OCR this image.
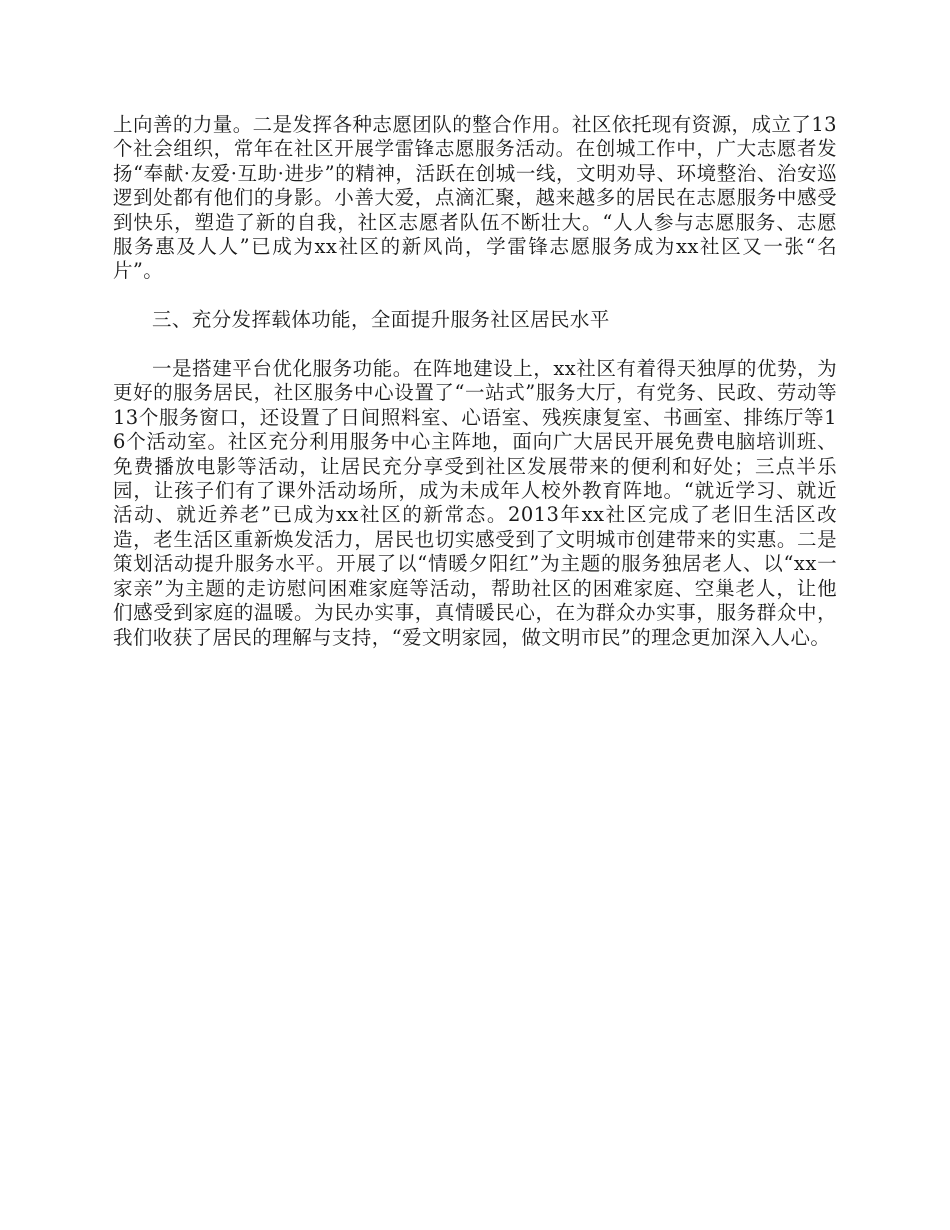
上向善的力量。二是发挥各种志愿团队的整合作用。社区依托现有资源，成立了13个社会组织，常年在社区开展学雷锋志愿服务活动。在创城工作中，广大志愿者发扬“奉献·友爱·互助·进步”的精神，活跃在创城一线，文明劝导、环境整治、治安巡逻到处都有他们的身影。小善大爱，点滴汇聚，越来越多的居民在志愿服务中感受到快乐，塑造了新的自我，社区志愿者队伍不断壮大。“人人参与志愿服务、志愿服务惠及人人”已成为xx社区的新风尚，学雷锋志愿服务成为xx社区又一张“名片”。

三、充分发挥载体功能，全面提升服务社区居民水平

一是搭建平台优化服务功能。在阵地建设上，xx社区有着得天独厚的优势，为更好的服务居民，社区服务中心设置了“一站式”服务大厅，有党务、民政、劳动等13个服务窗口，还设置了日间照料室、心语室、残疾康复室、书画室、排练厅等16个活动室。社区充分利用服务中心主阵地，面向广大居民开展免费电脑培训班、免费播放电影等活动，让居民充分享受到社区发展带来的便利和好处；三点半乐园，让孩子们有了课外活动场所，成为未成年人校外教育阵地。“就近学习、就近活动、就近养老”已成为xx社区的新常态。2013年xx社区完成了老旧生活区改造，老生活区重新焕发活力，居民也切实感受到了文明城市创建带来的实惠。二是策划活动提升服务水平。开展了以“情暖夕阳红”为主题的服务独居老人、以“xx一家亲”为主题的走访慰问困难家庭等活动，帮助社区的困难家庭、空巢老人，让他们感受到家庭的温暖。为民办实事，真情暖民心，在为群众办实事，服务群众中，我们收获了居民的理解与支持，“爱文明家园，做文明市民”的理念更加深入人心。
